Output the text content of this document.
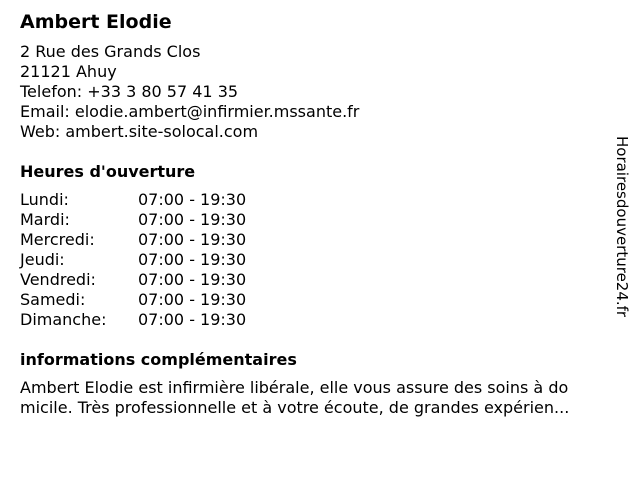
Ambert Elodie
2 Rue des Grands Clos
21121 Ahuy
Telefon: +33 3 80 57 41 35
Email: elodie.ambert@infirmier.mssante.fr
Web: ambert.site-solocal.com
Heures d'ouverture
Lundi:	07:00 - 19:30
Mardi:	07:00 - 19:30
Mercredi:	07:00 - 19:30
Jeudi:	07:00 - 19:30
Vendredi:	07:00 - 19:30
Samedi:	07:00 - 19:30
Dimanche:	07:00 - 19:30
informations complémentaires
Ambert Elodie est infirmière libérale, elle vous assure des soins à do
micile. Très professionnelle et à votre écoute, de grandes expérien...
Horairesdouverture24.fr
